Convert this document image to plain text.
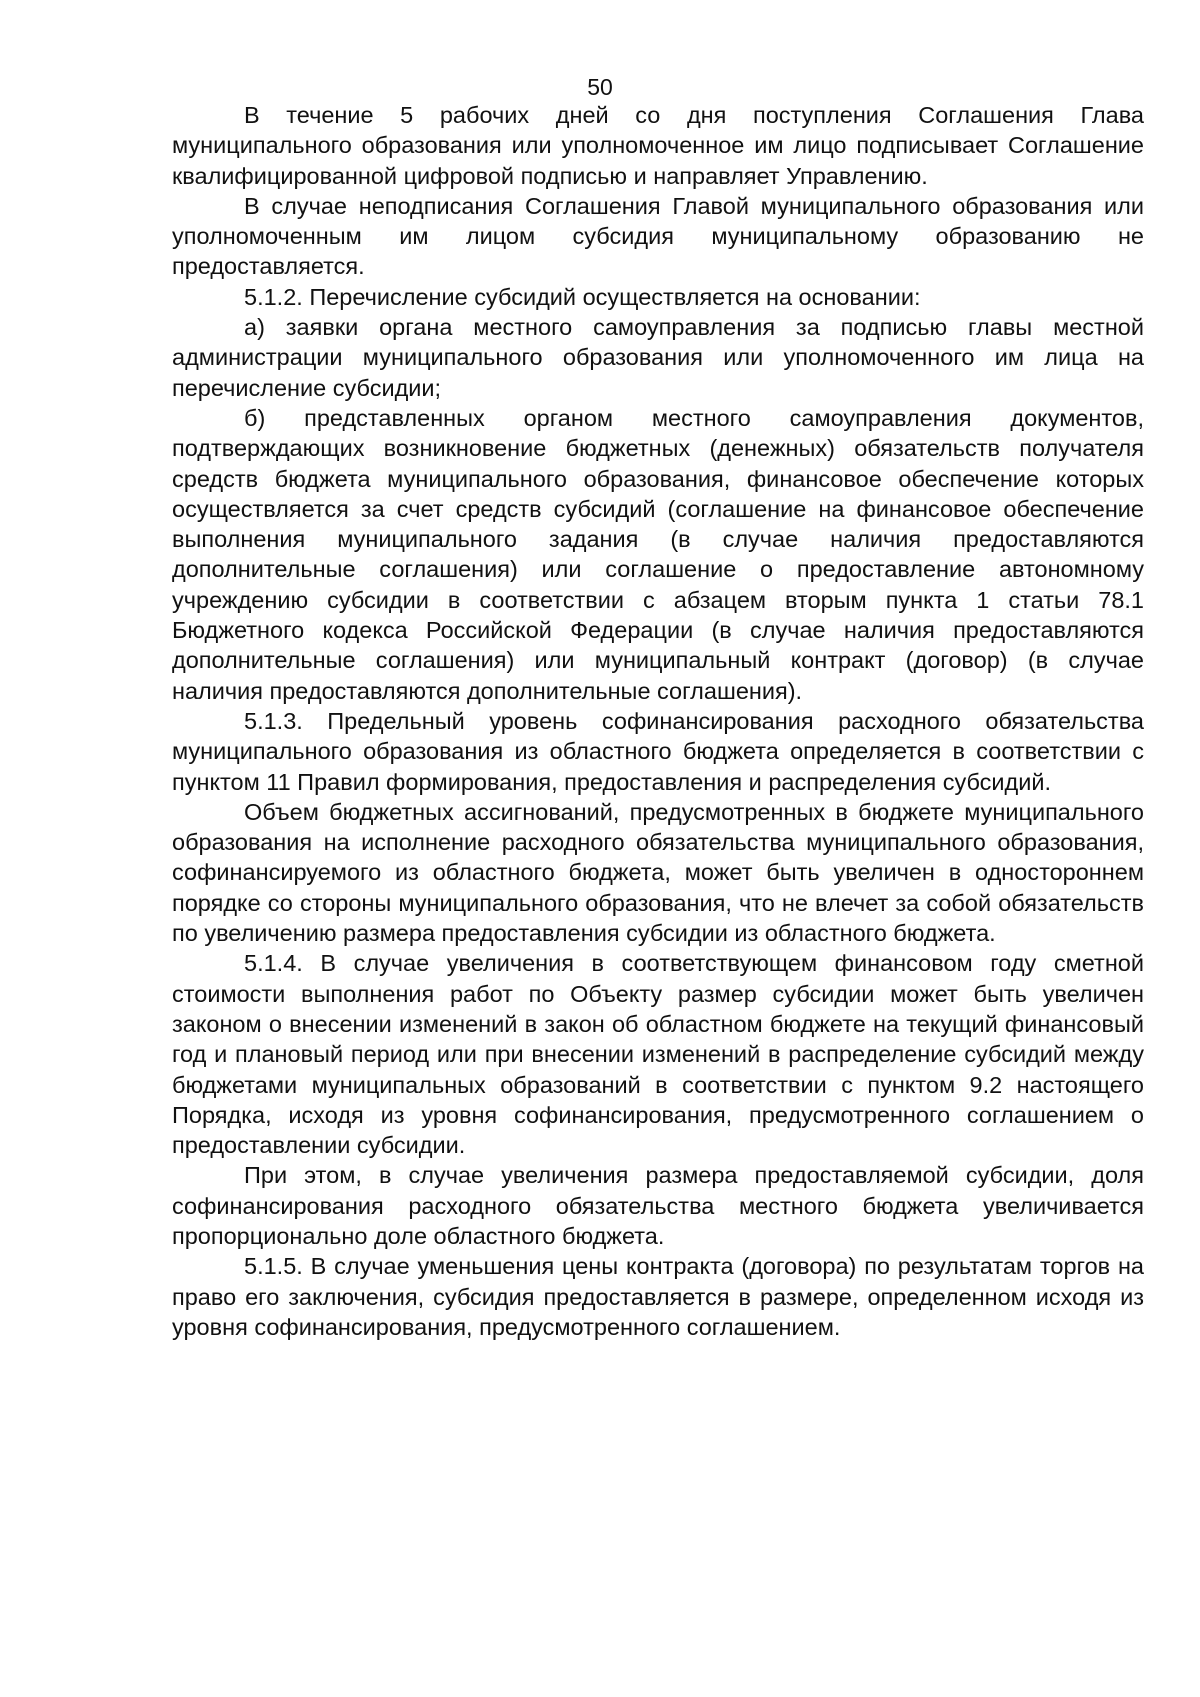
50

В течение 5 рабочих дней со дня поступления Соглашения Глава муниципального образования или уполномоченное им лицо подписывает Соглашение квалифицированной цифровой подписью и направляет Управлению.

В случае неподписания Соглашения Главой муниципального образования или уполномоченным им лицом субсидия муниципальному образованию не предоставляется.

5.1.2. Перечисление субсидий осуществляется на основании:

а) заявки органа местного самоуправления за подписью главы местной администрации муниципального образования или уполномоченного им лица на перечисление субсидии;

б) представленных органом местного самоуправления документов, подтверждающих возникновение бюджетных (денежных) обязательств получателя средств бюджета муниципального образования, финансовое обеспечение которых осуществляется за счет средств субсидий (соглашение на финансовое обеспечение выполнения муниципального задания (в случае наличия предоставляются дополнительные соглашения) или соглашение о предоставление автономному учреждению субсидии в соответствии с абзацем вторым пункта 1 статьи 78.1 Бюджетного кодекса Российской Федерации (в случае наличия предоставляются дополнительные соглашения) или муниципальный контракт (договор) (в случае наличия предоставляются дополнительные соглашения).

5.1.3. Предельный уровень софинансирования расходного обязательства муниципального образования из областного бюджета определяется в соответствии с пунктом 11 Правил формирования, предоставления и распределения субсидий.

Объем бюджетных ассигнований, предусмотренных в бюджете муниципального образования на исполнение расходного обязательства муниципального образования, софинансируемого из областного бюджета, может быть увеличен в одностороннем порядке со стороны муниципального образования, что не влечет за собой обязательств по увеличению размера предоставления субсидии из областного бюджета.

5.1.4. В случае увеличения в соответствующем финансовом году сметной стоимости выполнения работ по Объекту размер субсидии может быть увеличен законом о внесении изменений в закон об областном бюджете на текущий финансовый год и плановый период или при внесении изменений в распределение субсидий между бюджетами муниципальных образований в соответствии с пунктом 9.2 настоящего Порядка, исходя из уровня софинансирования, предусмотренного соглашением о предоставлении субсидии.

При этом, в случае увеличения размера предоставляемой субсидии, доля софинансирования расходного обязательства местного бюджета увеличивается пропорционально доле областного бюджета.

5.1.5. В случае уменьшения цены контракта (договора) по результатам торгов на право его заключения, субсидия предоставляется в размере, определенном исходя из уровня софинансирования, предусмотренного соглашением.
